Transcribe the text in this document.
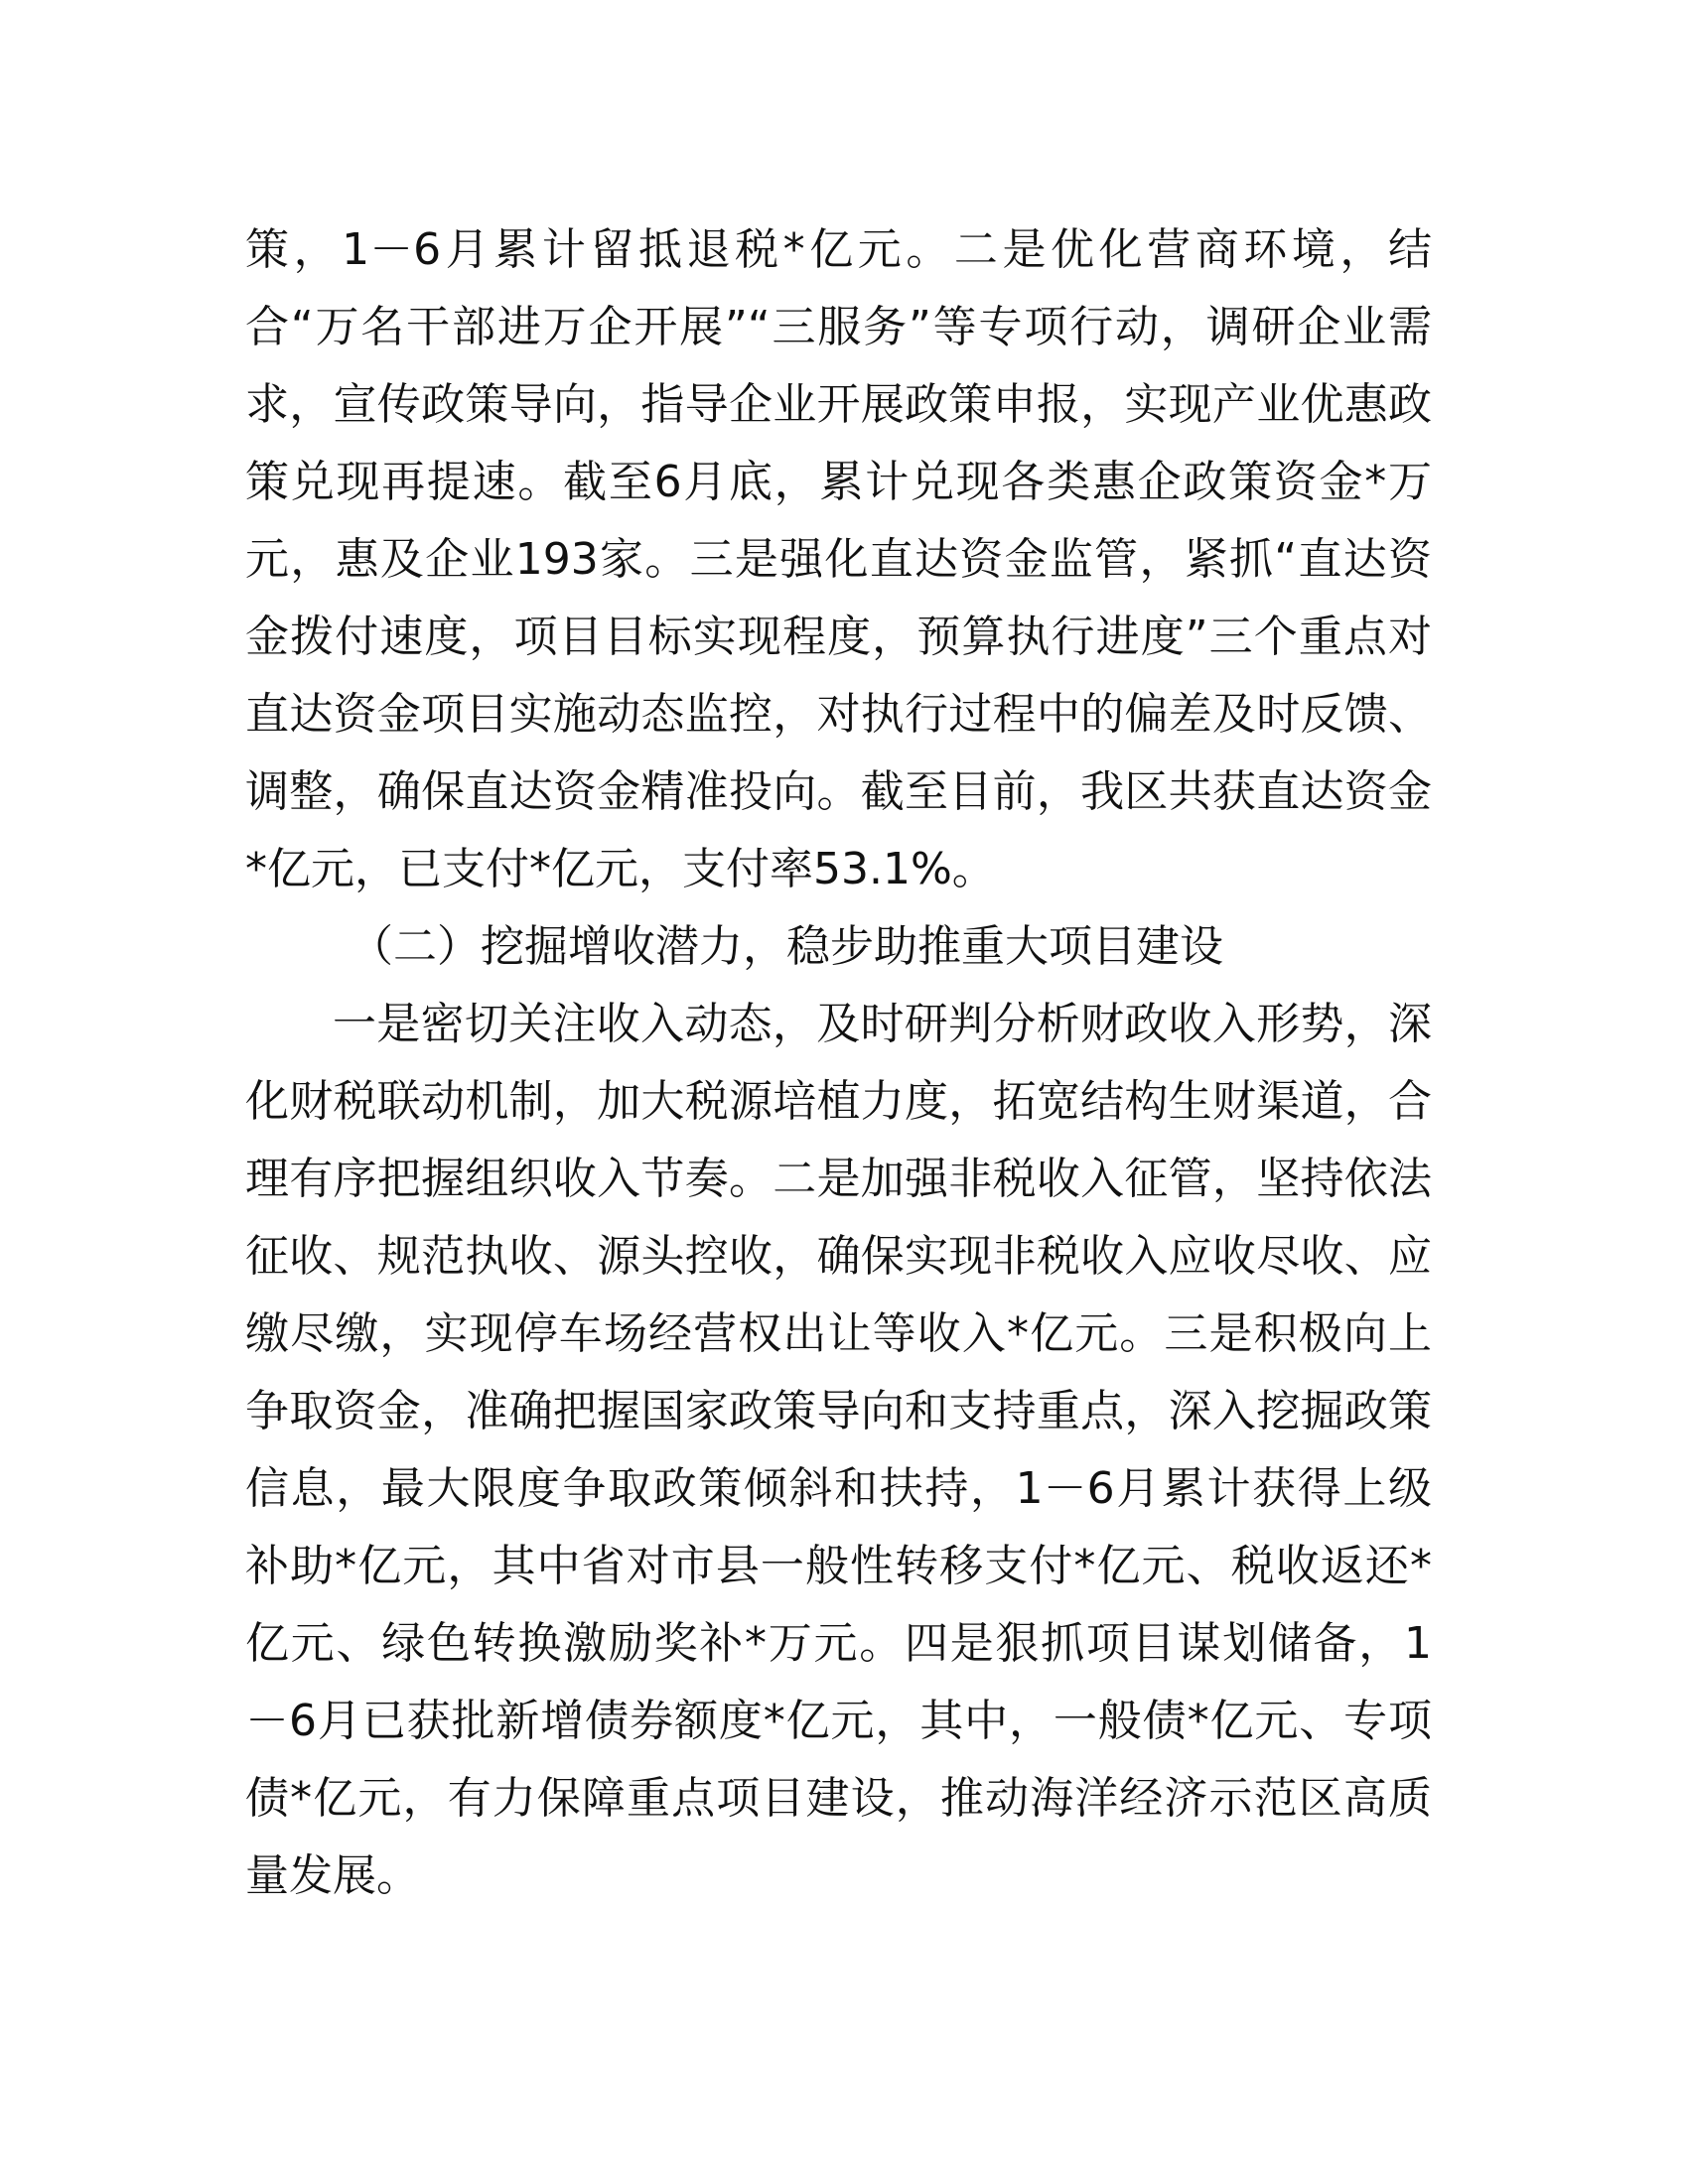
策，1－6月累计留抵退税*亿元。二是优化营商环境，结
合“万名干部进万企开展”“三服务”等专项行动，调研企业需
求，宣传政策导向，指导企业开展政策申报，实现产业优惠政
策兑现再提速。截至6月底，累计兑现各类惠企政策资金*万
元，惠及企业193家。三是强化直达资金监管，紧抓“直达资
金拨付速度，项目目标实现程度，预算执行进度”三个重点对
直达资金项目实施动态监控，对执行过程中的偏差及时反馈、
调整，确保直达资金精准投向。截至目前，我区共获直达资金
*亿元，已支付*亿元，支付率53.1%。
（二）挖掘增收潜力，稳步助推重大项目建设
一是密切关注收入动态，及时研判分析财政收入形势，深
化财税联动机制，加大税源培植力度，拓宽结构生财渠道，合
理有序把握组织收入节奏。二是加强非税收入征管，坚持依法
征收、规范执收、源头控收，确保实现非税收入应收尽收、应
缴尽缴，实现停车场经营权出让等收入*亿元。三是积极向上
争取资金，准确把握国家政策导向和支持重点，深入挖掘政策
信息，最大限度争取政策倾斜和扶持，1－6月累计获得上级
补助*亿元，其中省对市县一般性转移支付*亿元、税收返还*
亿元、绿色转换激励奖补*万元。四是狠抓项目谋划储备，1
－6月已获批新增债券额度*亿元，其中，一般债*亿元、专项
债*亿元，有力保障重点项目建设，推动海洋经济示范区高质
量发展。
